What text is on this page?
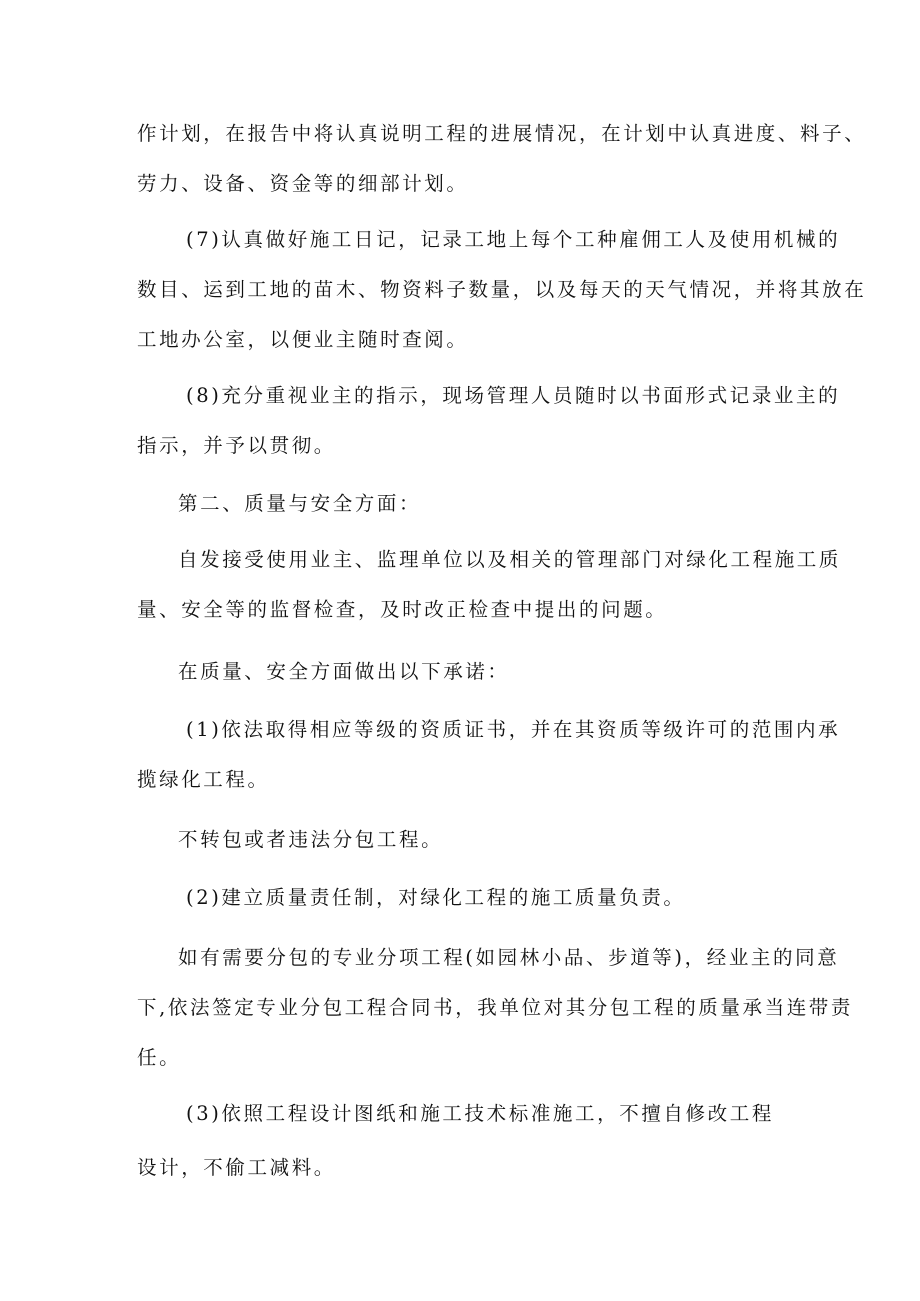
作计划，在报告中将认真说明工程的进展情况，在计划中认真进度、料子、
劳力、设备、资金等的细部计划。
(7)认真做好施工日记，记录工地上每个工种雇佣工人及使用机械的
数目、运到工地的苗木、物资料子数量，以及每天的天气情况，并将其放在
工地办公室，以便业主随时查阅。
(8)充分重视业主的指示，现场管理人员随时以书面形式记录业主的
指示，并予以贯彻。
第二、质量与安全方面：
自发接受使用业主、监理单位以及相关的管理部门对绿化工程施工质
量、安全等的监督检查，及时改正检查中提出的问题。
在质量、安全方面做出以下承诺：
(1)依法取得相应等级的资质证书，并在其资质等级许可的范围内承
揽绿化工程。
不转包或者违法分包工程。
(2)建立质量责任制，对绿化工程的施工质量负责。
如有需要分包的专业分项工程(如园林小品、步道等)，经业主的同意
下,依法签定专业分包工程合同书，我单位对其分包工程的质量承当连带责
任。
(3)依照工程设计图纸和施工技术标准施工，不擅自修改工程
设计，不偷工减料。
